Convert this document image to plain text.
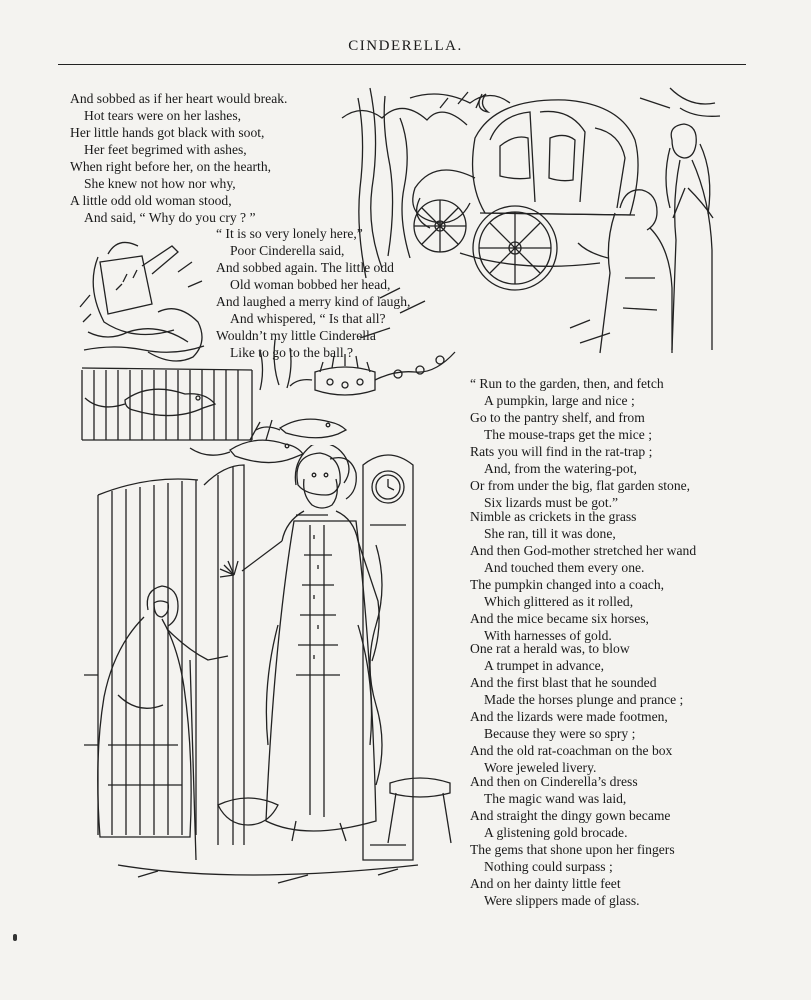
CINDERELLA.
And sobbed as if her heart would break.
Hot tears were on her lashes,
Her little hands got black with soot,
Her feet begrimed with ashes,
When right before her, on the hearth,
She knew not how nor why,
A little odd old woman stood,
And said, “ Why do you cry ? ”
“ It is so very lonely here,”
Poor Cinderella said,
And sobbed again. The little odd
Old woman bobbed her head,
And laughed a merry kind of laugh,
And whispered, “ Is that all?
Wouldn’t my little Cinderella
Like to go to the ball ?
“ Run to the garden, then, and fetch
A pumpkin, large and nice ;
Go to the pantry shelf, and from
The mouse-traps get the mice ;
Rats you will find in the rat-trap ;
And, from the watering-pot,
Or from under the big, flat garden stone,
Six lizards must be got.”
Nimble as crickets in the grass
She ran, till it was done,
And then God-mother stretched her wand
And touched them every one.
The pumpkin changed into a coach,
Which glittered as it rolled,
And the mice became six horses,
With harnesses of gold.
One rat a herald was, to blow
A trumpet in advance,
And the first blast that he sounded
Made the horses plunge and prance ;
And the lizards were made footmen,
Because they were so spry ;
And the old rat-coachman on the box
Wore jeweled livery.
And then on Cinderella’s dress
The magic wand was laid,
And straight the dingy gown became
A glistening gold brocade.
The gems that shone upon her fingers
Nothing could surpass ;
And on her dainty little feet
Were slippers made of glass.
